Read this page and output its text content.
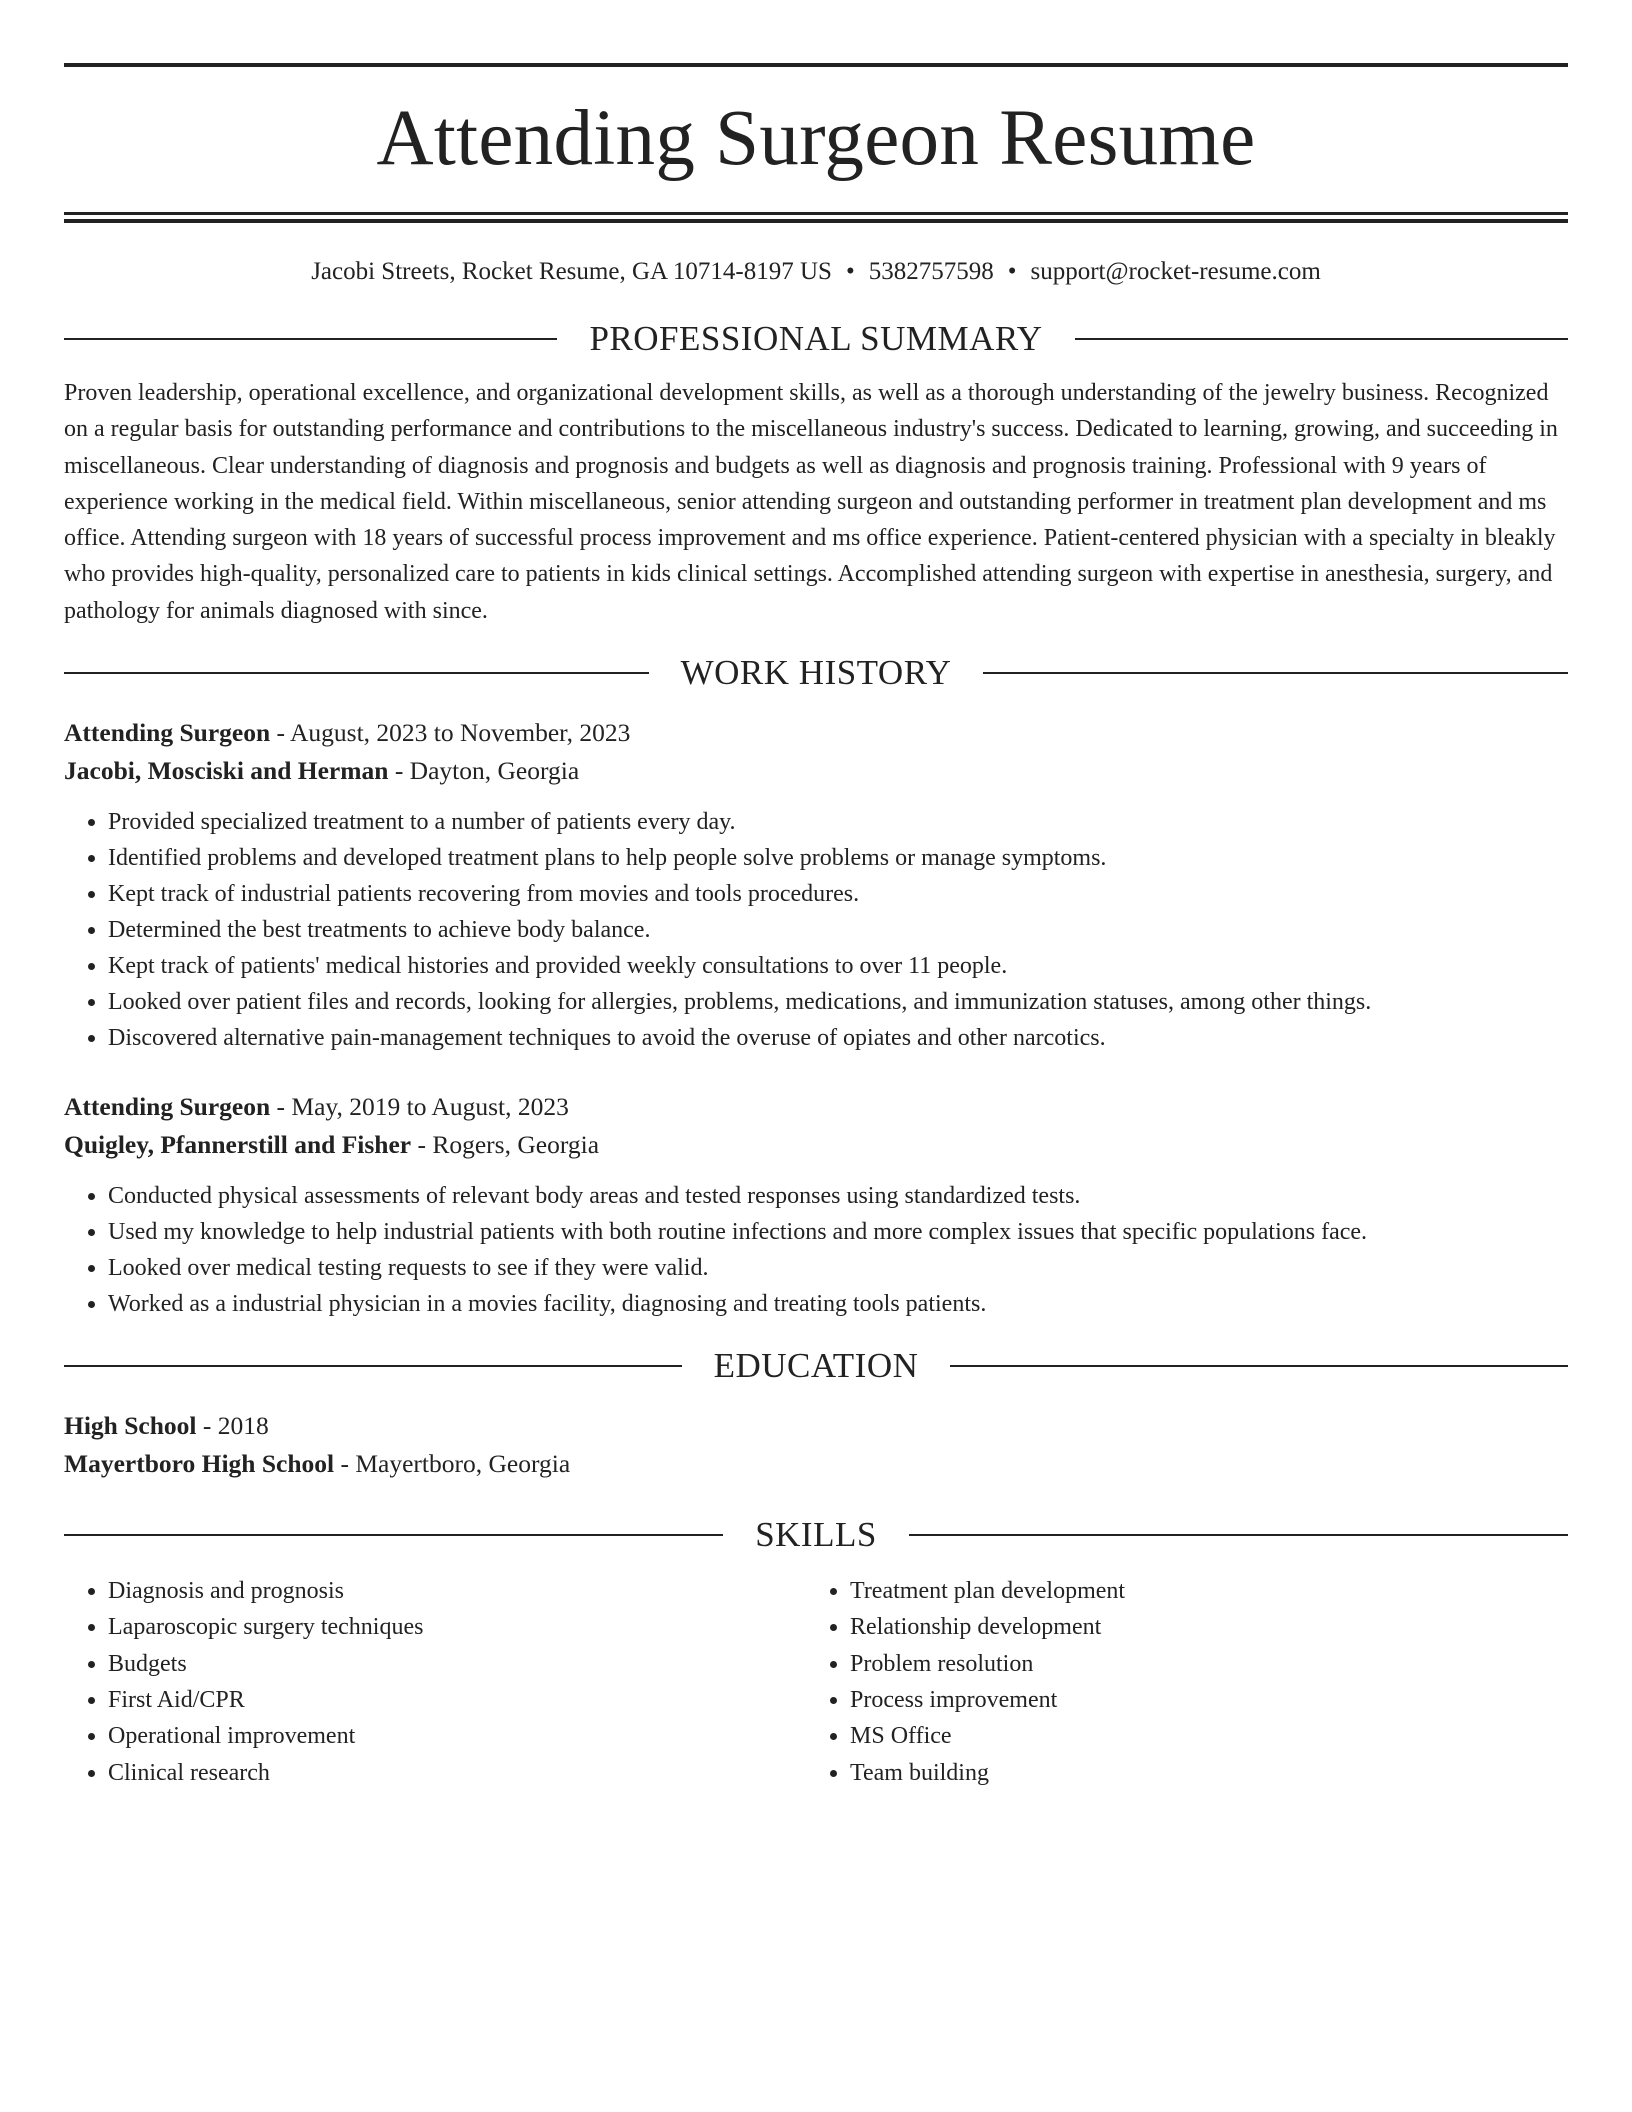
Attending Surgeon Resume
Jacobi Streets, Rocket Resume, GA 10714-8197 US • 5382757598 • support@rocket-resume.com
PROFESSIONAL SUMMARY

Proven leadership, operational excellence, and organizational development skills, as well as a thorough understanding of the jewelry business. Recognized on a regular basis for outstanding performance and contributions to the miscellaneous industry's success. Dedicated to learning, growing, and succeeding in miscellaneous. Clear understanding of diagnosis and prognosis and budgets as well as diagnosis and prognosis training. Professional with 9 years of experience working in the medical field. Within miscellaneous, senior attending surgeon and outstanding performer in treatment plan development and ms office. Attending surgeon with 18 years of successful process improvement and ms office experience. Patient-centered physician with a specialty in bleakly who provides high-quality, personalized care to patients in kids clinical settings. Accomplished attending surgeon with expertise in anesthesia, surgery, and pathology for animals diagnosed with since.

WORK HISTORY
Attending Surgeon - August, 2023 to November, 2023
Jacobi, Mosciski and Herman - Dayton, Georgia
• Provided specialized treatment to a number of patients every day.
• Identified problems and developed treatment plans to help people solve problems or manage symptoms.
• Kept track of industrial patients recovering from movies and tools procedures.
• Determined the best treatments to achieve body balance.
• Kept track of patients' medical histories and provided weekly consultations to over 11 people.
• Looked over patient files and records, looking for allergies, problems, medications, and immunization statuses, among other things.
• Discovered alternative pain-management techniques to avoid the overuse of opiates and other narcotics.
Attending Surgeon - May, 2019 to August, 2023
Quigley, Pfannerstill and Fisher - Rogers, Georgia
• Conducted physical assessments of relevant body areas and tested responses using standardized tests.
• Used my knowledge to help industrial patients with both routine infections and more complex issues that specific populations face.
• Looked over medical testing requests to see if they were valid.
• Worked as a industrial physician in a movies facility, diagnosing and treating tools patients.
EDUCATION
High School - 2018
Mayertboro High School - Mayertboro, Georgia
SKILLS
• Diagnosis and prognosis
• Laparoscopic surgery techniques
• Budgets
• First Aid/CPR
• Operational improvement
• Clinical research
• Treatment plan development
• Relationship development
• Problem resolution
• Process improvement
• MS Office
• Team building
